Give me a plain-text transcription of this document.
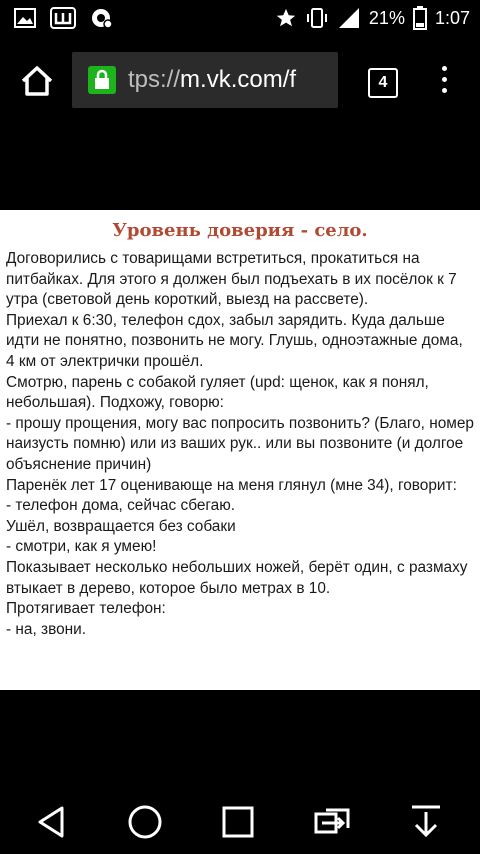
21% 1:07
tps://m.vk.com/f	4
Уровень доверия - село.
Договорились с товарищами встретиться, прокатиться на питбайках. Для этого я должен был подъехать в их посёлок к 7 утра (световой день короткий, выезд на рассвете).
Приехал к 6:30, телефон сдох, забыл зарядить. Куда дальше идти не понятно, позвонить не могу. Глушь, одноэтажные дома, 4 км от электрички прошёл.
Смотрю, парень с собакой гуляет (upd: щенок, как я понял, небольшая). Подхожу, говорю:
- прошу прощения, могу вас попросить позвонить? (Благо, номер наизусть помню) или из ваших рук.. или вы позвоните (и долгое объяснение причин)
Паренёк лет 17 оценивающе на меня глянул (мне 34), говорит:
- телефон дома, сейчас сбегаю.
Ушёл, возвращается без собаки
- смотри, как я умею!
Показывает несколько небольших ножей, берёт один, с размаху втыкает в дерево, которое было метрах в 10.
Протягивает телефон:
- на, звони.
